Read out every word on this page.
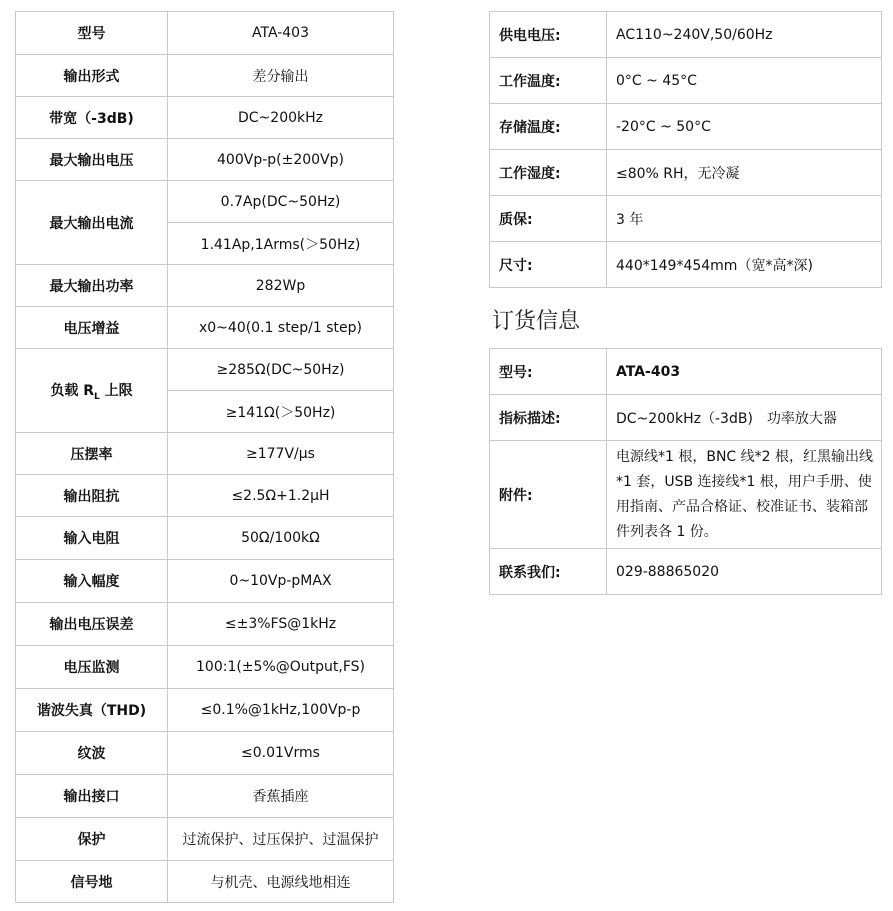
型号	ATA-403
输出形式	差分输出
带宽（-3dB)	DC~200kHz
最大输出电压	400Vp-p(±200Vp)
最大输出电流	0.7Ap(DC~50Hz)
	1.41Ap,1Arms(＞50Hz)
最大输出功率	282Wp
电压增益	x0~40(0.1 step/1 step)
负载 $R_L$ 上限	≥285Ω(DC~50Hz)
	≥141Ω(＞50Hz)
压摆率	≥177V/μs
输出阻抗	≤2.5Ω+1.2μH
输入电阻	50Ω/100kΩ
输入幅度	0~10Vp-pMAX
输出电压误差	≤±3%FS@1kHz
电压监测	100:1(±5%@Output,FS)
谐波失真（THD)	≤0.1%@1kHz,100Vp-p
纹波	≤0.01Vrms
输出接口	香蕉插座
保护	过流保护、过压保护、过温保护
信号地	与机壳、电源线地相连
供电电压:	AC110~240V,50/60Hz
工作温度:	0°C ~ 45°C
存储温度:	-20°C ~ 50°C
工作湿度:	≤80% RH，无冷凝
质保:	3 年
尺寸:	440*149*454mm（宽*高*深)
订货信息
型号:	ATA-403
指标描述:	DC~200kHz（-3dB)　功率放大器
附件:	电源线*1 根，BNC 线*2 根，红黑输出线*1 套，USB 连接线*1 根，用户手册、使用指南、产品合格证、校准证书、装箱部件列表各 1 份。
联系我们:	029-88865020
